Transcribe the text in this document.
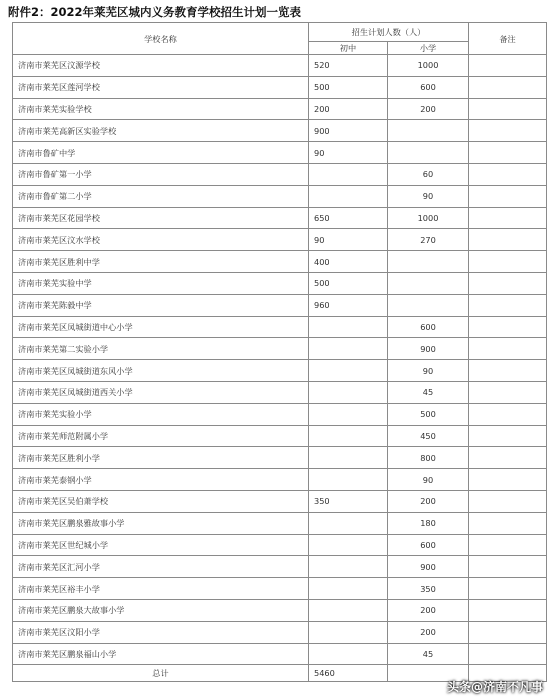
附件2：2022年莱芜区城内义务教育学校招生计划一览表
学校名称	招生计划人数（人）		备注
	初中	小学	
济南市莱芜区汶源学校	520	1000	
济南市莱芜区莲河学校	500	600	
济南市莱芜实验学校	200	200	
济南市莱芜高新区实验学校	900		
济南市鲁矿中学	90		
济南市鲁矿第一小学		60	
济南市鲁矿第二小学		90	
济南市莱芜区花园学校	650	1000	
济南市莱芜区汶水学校	90	270	
济南市莱芜区胜利中学	400		
济南市莱芜实验中学	500		
济南市莱芜陈毅中学	960		
济南市莱芜区凤城街道中心小学		600	
济南市莱芜第二实验小学		900	
济南市莱芜区凤城街道东风小学		90	
济南市莱芜区凤城街道西关小学		45	
济南市莱芜实验小学		500	
济南市莱芜师范附属小学		450	
济南市莱芜区胜利小学		800	
济南市莱芜泰钢小学		90	
济南市莱芜区吴伯萧学校	350	200	
济南市莱芜区鹏泉雅故事小学		180	
济南市莱芜区世纪城小学		600	
济南市莱芜区汇河小学		900	
济南市莱芜区裕丰小学		350	
济南市莱芜区鹏泉大故事小学		200	
济南市莱芜区汶阳小学		200	
济南市莱芜区鹏泉福山小学		45	
总计	5460		
头条@济南不凡事
